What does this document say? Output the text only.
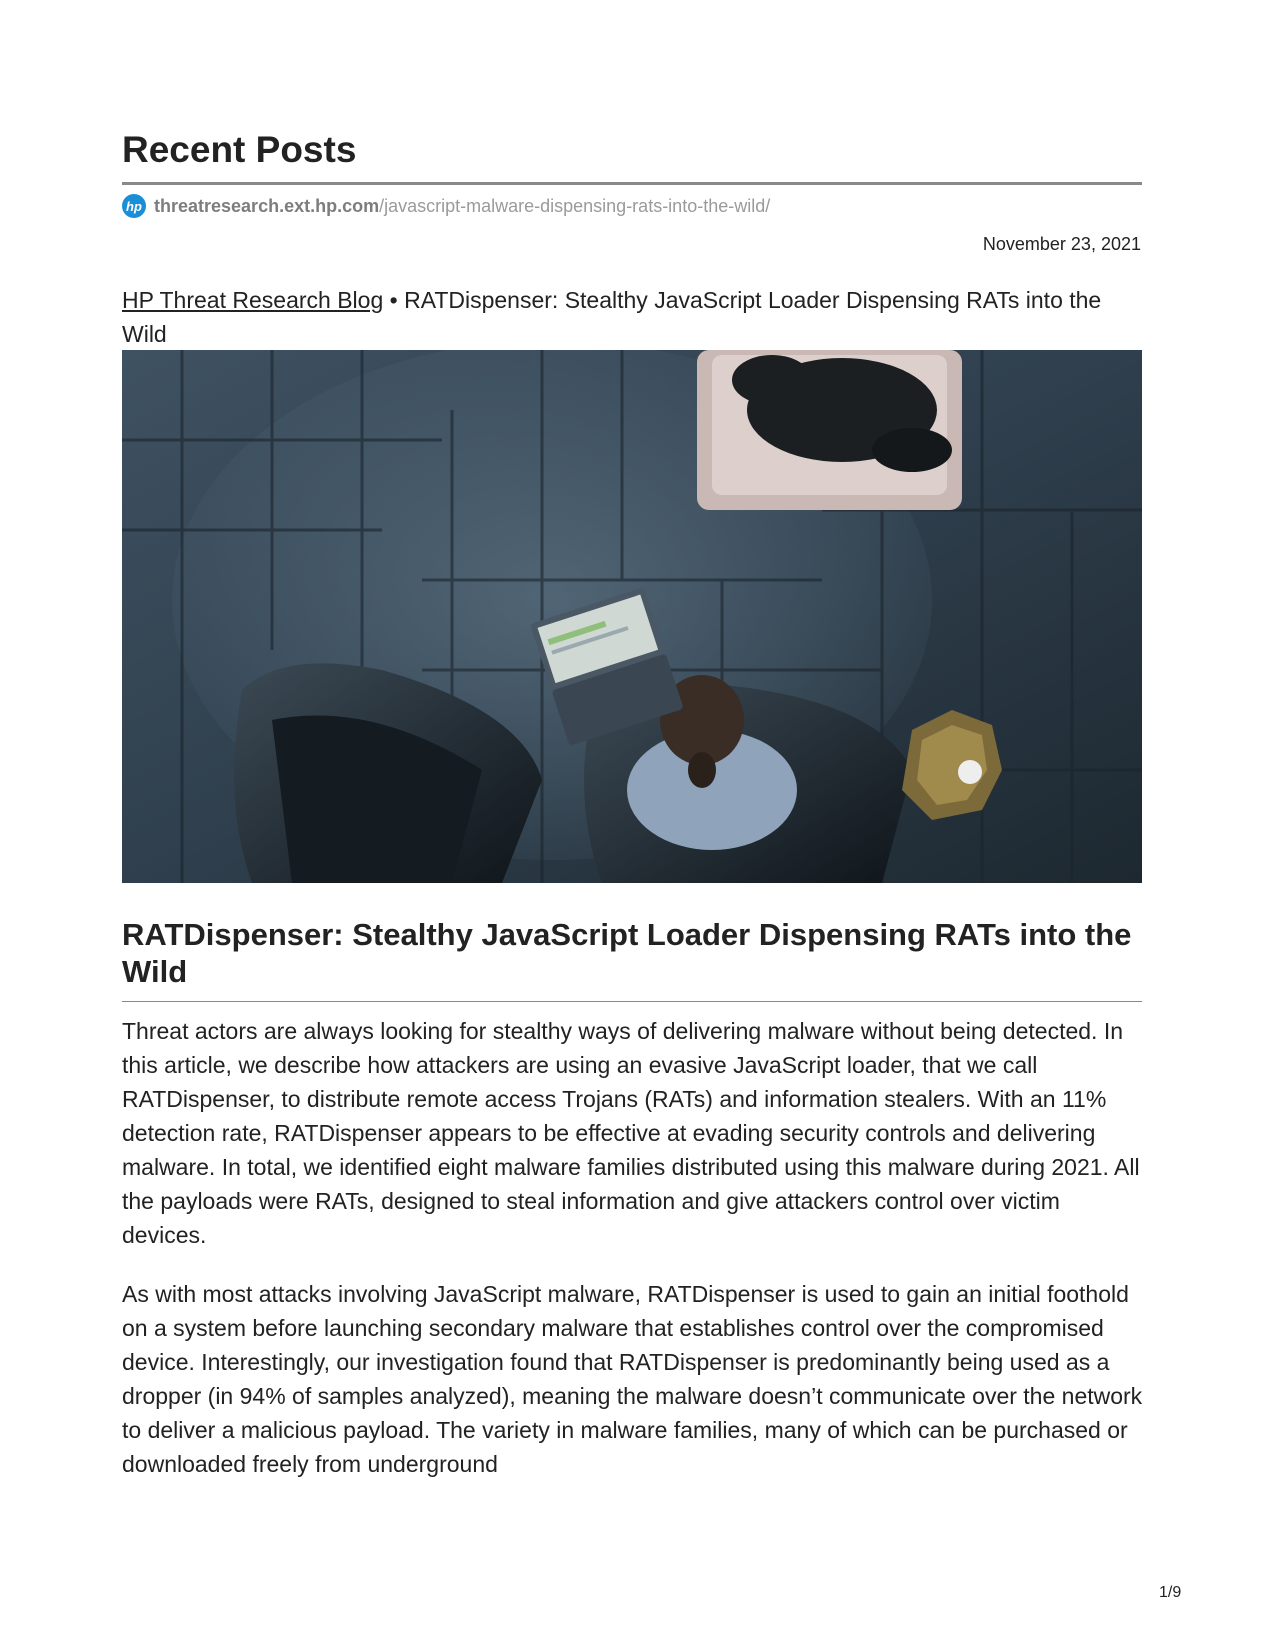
Recent Posts
hp threatresearch.ext.hp.com /javascript-malware-dispensing-rats-into-the-wild/
November 23, 2021
HP Threat Research Blog • RATDispenser: Stealthy JavaScript Loader Dispensing RATs into the Wild
RATDispenser: Stealthy JavaScript Loader Dispensing RATs into the Wild

Threat actors are always looking for stealthy ways of delivering malware without being detected. In this article, we describe how attackers are using an evasive JavaScript loader, that we call RATDispenser, to distribute remote access Trojans (RATs) and information stealers. With an 11% detection rate, RATDispenser appears to be effective at evading security controls and delivering malware. In total, we identified eight malware families distributed using this malware during 2021. All the payloads were RATs, designed to steal information and give attackers control over victim devices.

As with most attacks involving JavaScript malware, RATDispenser is used to gain an initial foothold on a system before launching secondary malware that establishes control over the compromised device. Interestingly, our investigation found that RATDispenser is predominantly being used as a dropper (in 94% of samples analyzed), meaning the malware doesn’t communicate over the network to deliver a malicious payload. The variety in malware families, many of which can be purchased or downloaded freely from underground

1/9
